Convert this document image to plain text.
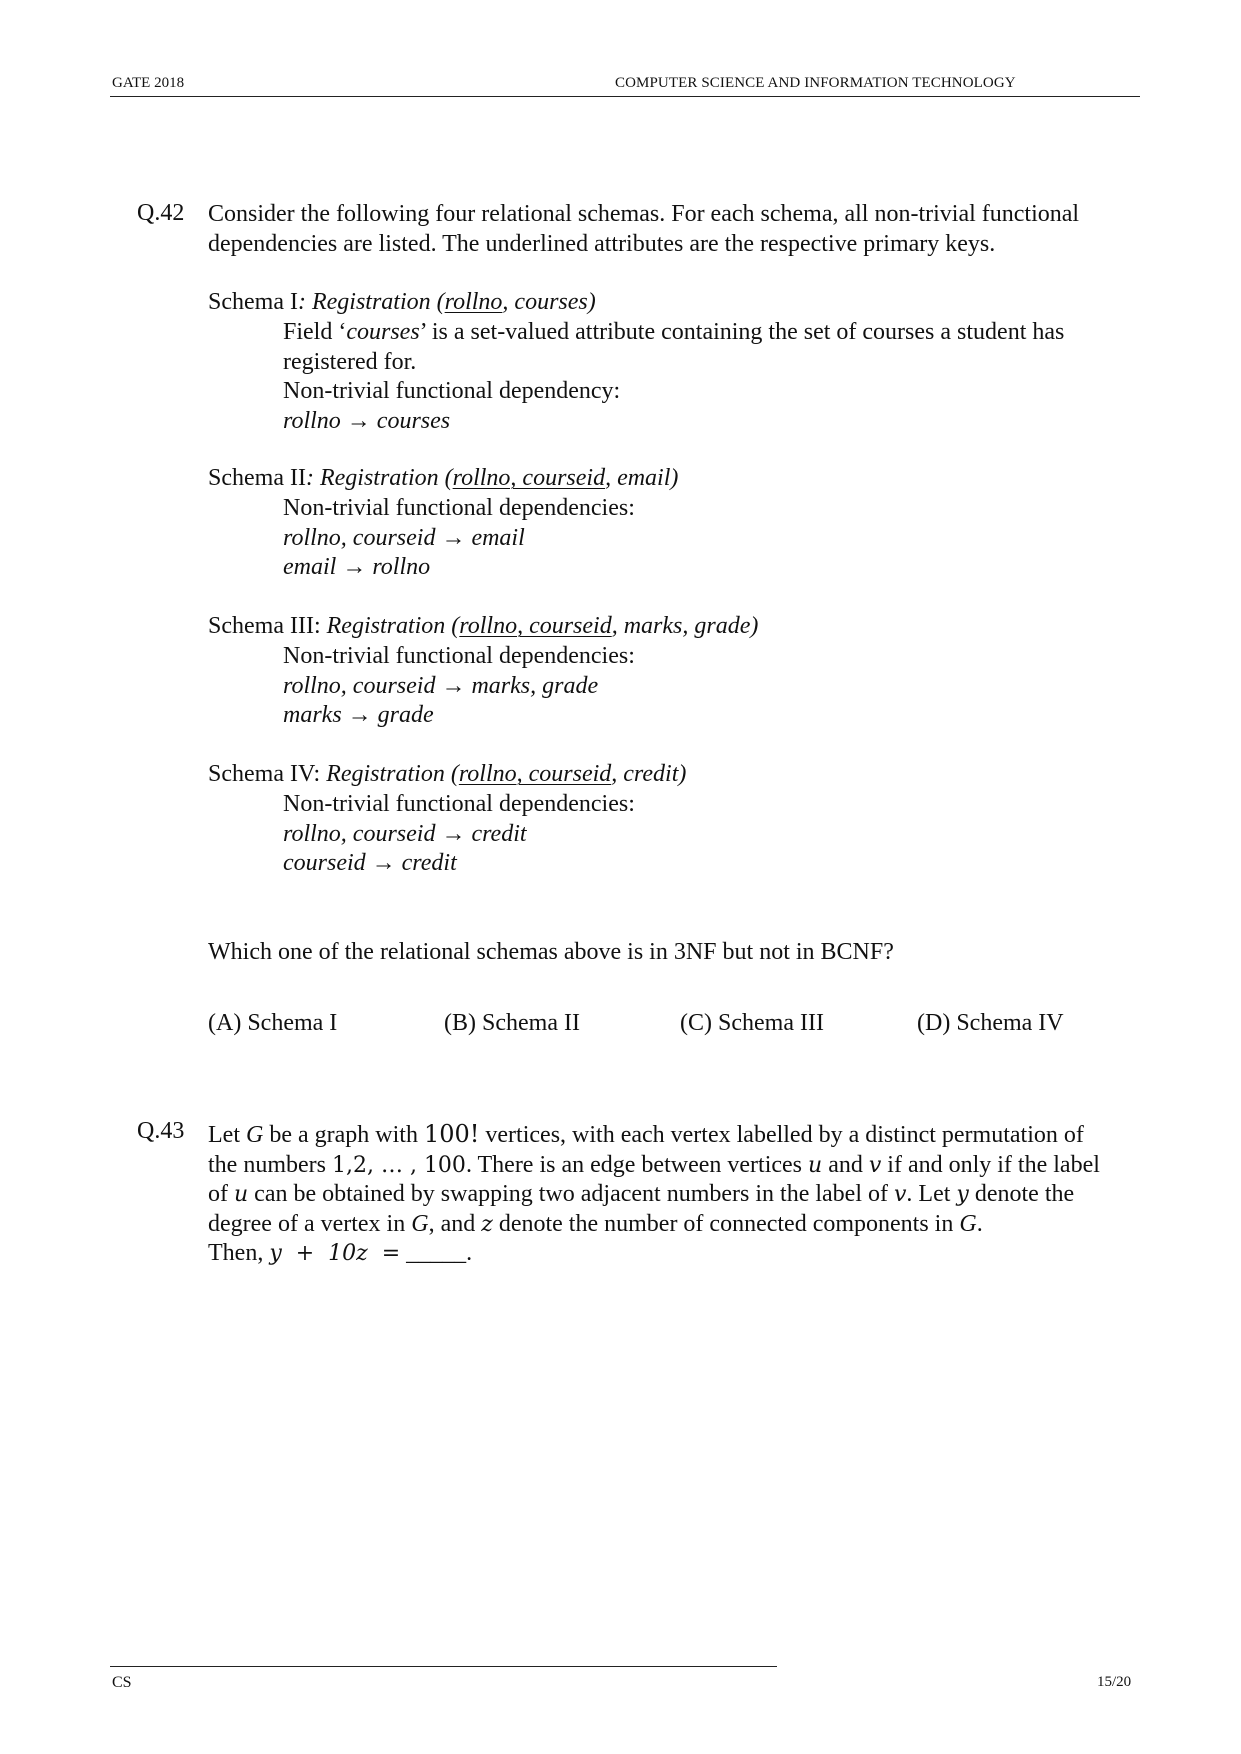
GATE 2018	COMPUTER SCIENCE AND INFORMATION TECHNOLOGY
Q.42 Consider the following four relational schemas. For each schema, all non-trivial functional
dependencies are listed. The underlined attributes are the respective primary keys.
Schema I: Registration (rollno, courses)
Field ‘courses’ is a set-valued attribute containing the set of courses a student has
registered for.
Non-trivial functional dependency:
rollno → courses
Schema II: Registration (rollno, courseid, email)
Non-trivial functional dependencies:
rollno, courseid → email
email → rollno
Schema III: Registration (rollno, courseid, marks, grade)
Non-trivial functional dependencies:
rollno, courseid → marks, grade
marks → grade
Schema IV: Registration (rollno, courseid, credit)
Non-trivial functional dependencies:
rollno, courseid → credit
courseid → credit
Which one of the relational schemas above is in 3NF but not in BCNF?
(A) Schema I	(B) Schema II	(C) Schema III	(D) Schema IV
Q.43 Let G be a graph with 100! vertices, with each vertex labelled by a distinct permutation of
the numbers 1,2, … , 100. There is an edge between vertices u and v if and only if the label
of u can be obtained by swapping two adjacent numbers in the label of v. Let y denote the
degree of a vertex in G, and z denote the number of connected components in G.
Then, y  +  10z  = _____.
CS	15/20
